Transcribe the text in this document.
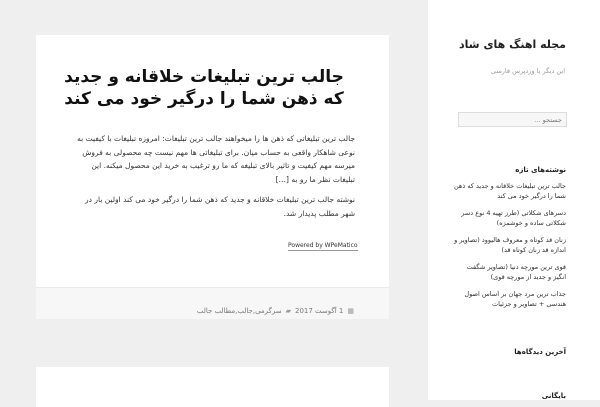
جالب ترین تبلیغات خلاقانه و جدید که ذهن شما را درگیر خود می کند

جالب ترین تبلیغاتی که ذهن ها را میخواهند جالب ترین تبلیغات: امروزه تبلیغات با کیفیت به نوعی شاهکار واقعی به حساب میان. برای تبلیغاتی ها مهم نیست چه محصولی به فروش میرسه مهم کیفیت و تاثیر بالای تبلیغه که ما رو ترغیب به خرید این محصول میکنه. این تبلیغات نظر ما رو به […]

نوشته جالب ترین تبلیغات خلاقانه و جدید که ذهن شما را درگیر خود می کند اولین بار در شهر مطلب پدیدار شد.

Powered by WPeMatico
▦
1 آگوست 2017
▰
سرگرمی,جالب,مطالب جالب
مجله اهنگ های شاد

این دیگر یا وردپرس فارسی

نوشته‌های تازه
جالب ترین تبلیغات خلاقانه و جدید که ذهن شما را درگیر خود می کند
دسرهای شکلاتی (طرز تهیه 4 نوع دسر شکلاتی ساده و خوشمزه)
زنان قد کوتاه و معروف هالیوود (تصاویر و اندازه قد زنان کوتاه قد)
قوی ترین مورچه دنیا (تصاویر شگفت انگیز و جدید از مورچه قوی)
جذاب ترین مرد جهان بر اساس اصول هندسی + تصاویر و جزئیات
آخرین دیدگاه‌ها
بایگانی
جستجو …
